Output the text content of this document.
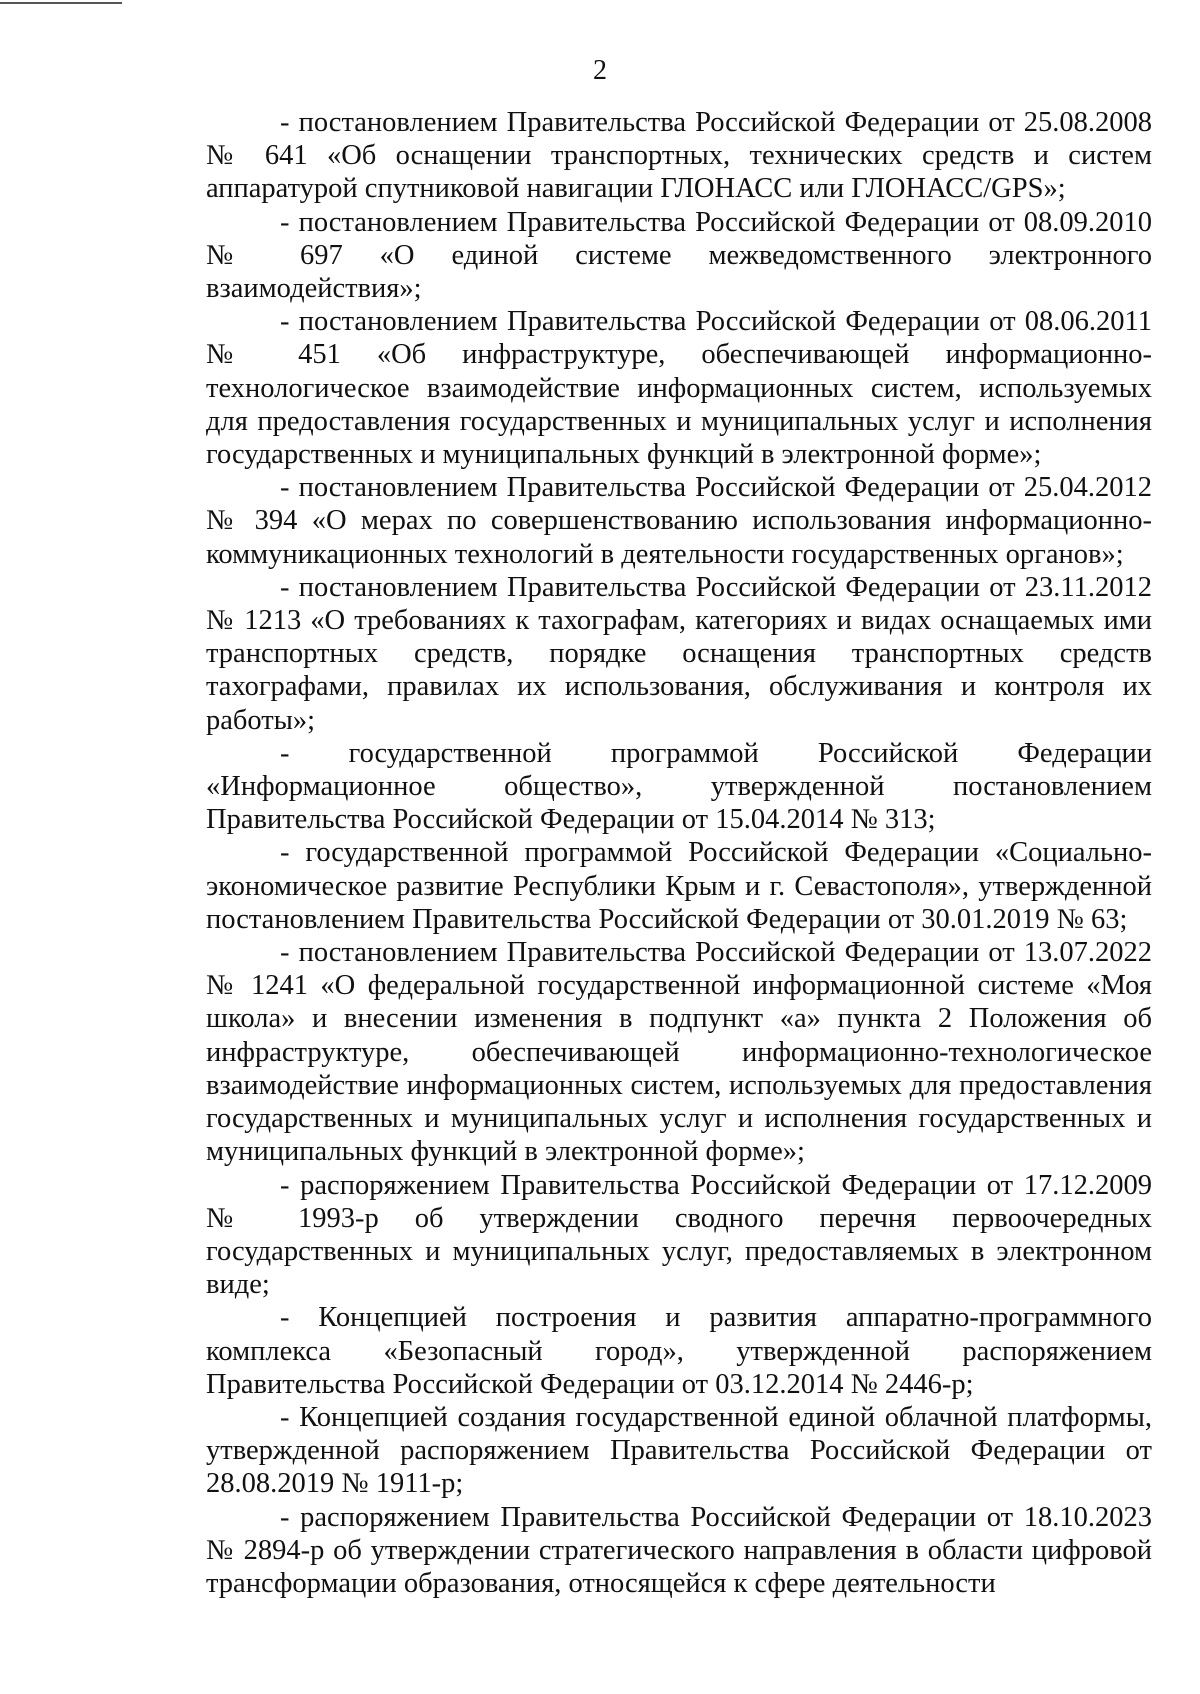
2

- постановлением Правительства Российской Федерации от 25.08.2008 № 641 «Об оснащении транспортных, технических средств и систем аппаратурой спутниковой навигации ГЛОНАСС или ГЛОНАСС/GPS»;

- постановлением Правительства Российской Федерации от 08.09.2010 № 697 «О единой системе межведомственного электронного взаимодействия»;

- постановлением Правительства Российской Федерации от 08.06.2011 № 451 «Об инфраструктуре, обеспечивающей информационно-технологическое взаимодействие информационных систем, используемых для предоставления государственных и муниципальных услуг и исполнения государственных и муниципальных функций в электронной форме»;

- постановлением Правительства Российской Федерации от 25.04.2012 № 394 «О мерах по совершенствованию использования информационно-коммуникационных технологий в деятельности государственных органов»;

- постановлением Правительства Российской Федерации от 23.11.2012 № 1213 «О требованиях к тахографам, категориях и видах оснащаемых ими транспортных средств, порядке оснащения транспортных средств тахографами, правилах их использования, обслуживания и контроля их работы»;

- государственной программой Российской Федерации «Информационное общество», утвержденной постановлением Правительства Российской Федерации от 15.04.2014 № 313;

- государственной программой Российской Федерации «Социально-экономическое развитие Республики Крым и г. Севастополя», утвержденной постановлением Правительства Российской Федерации от 30.01.2019 № 63;

- постановлением Правительства Российской Федерации от 13.07.2022 № 1241 «О федеральной государственной информационной системе «Моя школа» и внесении изменения в подпункт «а» пункта 2 Положения об инфраструктуре, обеспечивающей информационно-технологическое взаимодействие информационных систем, используемых для предоставления государственных и муниципальных услуг и исполнения государственных и муниципальных функций в электронной форме»;

- распоряжением Правительства Российской Федерации от 17.12.2009 № 1993-р об утверждении сводного перечня первоочередных государственных и муниципальных услуг, предоставляемых в электронном виде;

- Концепцией построения и развития аппаратно-программного комплекса «Безопасный город», утвержденной распоряжением Правительства Российской Федерации от 03.12.2014 № 2446-р;

- Концепцией создания государственной единой облачной платформы, утвержденной распоряжением Правительства Российской Федерации от 28.08.2019 № 1911-р;

- распоряжением Правительства Российской Федерации от 18.10.2023 № 2894-р об утверждении стратегического направления в области цифровой трансформации образования, относящейся к сфере деятельности
